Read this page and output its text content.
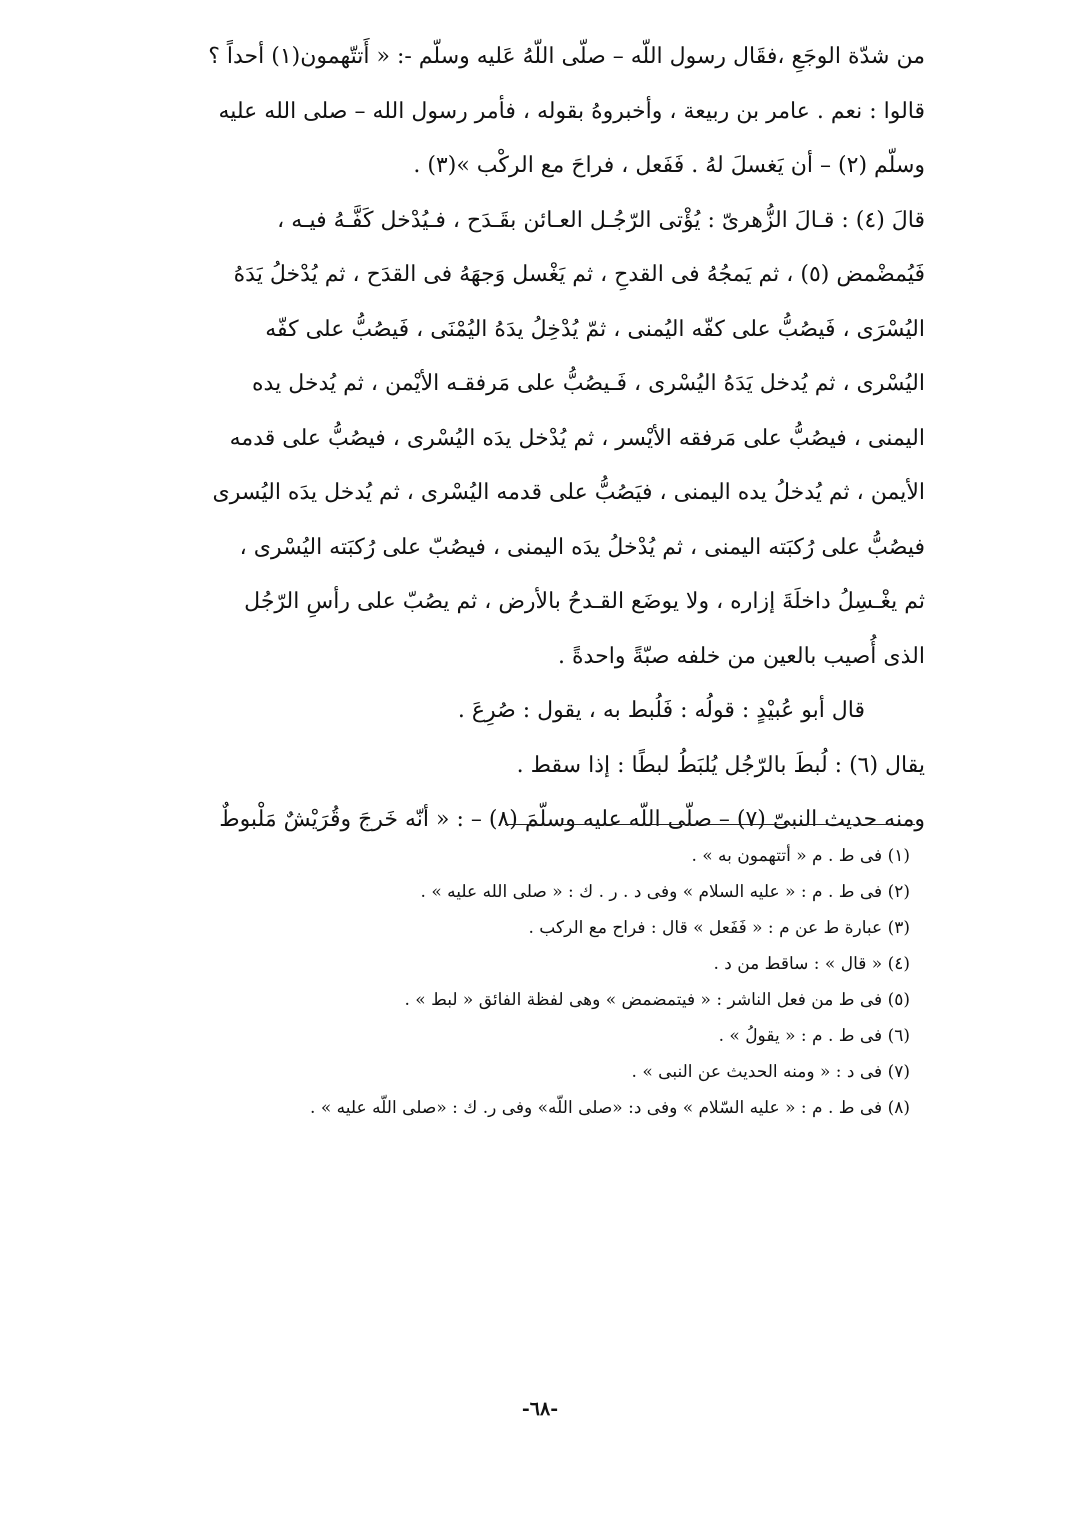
من شدّة الوجَعِ ،فقَال رسول اللّه – صلّى اللّهُ عَليه وسلّم -: « أَتتّهمون(١) أحداً ؟
قالوا : نعم . عامر بن ربيعة ، وأخبروهُ بقوله ، فأمر رسول الله – صلى الله عليه
وسلّم (٢) – أن يَغسلَ لهُ . فَفَعل ، فراحَ مع الركْب »(٣) .
قالَ (٤) : قـالَ الزُّهرىّ : يُؤْتى الرّجُـل العـائن بقَـدَح ، فـيُدْخل كَفَّـهُ فيـه ،
فَيُمضْمض (٥) ، ثم يَمجُهُ فى القدحِ ، ثم يَغْسل وَجهَهُ فى القدَح ، ثم يُدْخلُ يَدَهُ
اليُسْرَى ، فَيصُبُّ على كفّه اليُمنى ، ثمّ يُدْخِلُ يدَهُ اليُمْنَى ، فَيصُبُّ على كفّه
اليُسْرى ، ثم يُدخل يَدَهُ اليُسْرى ، فَـيصُبُّ على مَرفقـه الأيْمن ، ثم يُدخل يده
اليمنى ، فيصُبُّ على مَرفقه الأيْسر ، ثم يُدْخل يدَه اليُسْرى ، فيصُبُّ على قدمه
الأيمن ، ثم يُدخلُ يده اليمنى ، فيَصُبُّ على قدمه اليُسْرى ، ثم يُدخل يدَه اليُسرى
فيصُبُّ على رُكبَته اليمنى ، ثم يُدْخلُ يدَه اليمنى ، فيصُبّ على رُكبَته اليُسْرى ،
ثم يغْـسِلُ داخلَةَ إزاره ، ولا يوضَع القـدحُ بالأرض ، ثم يصُبّ على رأسِ الرّجُل
الذى أُصيب بالعين من خلفه صبّةً واحدةً .
قال أبو عُبيْدٍ : قولُه : فَلُبط به ، يقول : صُرِعَ .
يقال (٦) : لُبطَ بالرّجُل يُلبَطُ لبطًا : إذا سقط .
ومنه حديث النبىّ (٧) – صلّى اللّه عليه وسلّمَ (٨) – : « أنّه خَرجَ وقُرَيْشٌ مَلْبوطٌ
(١) فى ط . م « أتتهمون به » .
(٢) فى ط . م : « عليه السلام » وفى د . ر . ك : « صلى الله عليه » .
(٣) عبارة ط عن م : « فَفَعل » قال : فراح مع الركب .
(٤) « قال » : ساقط من د .
(٥) فى ط من فعل الناشر : « فيتمضمض » وهى لفظة الفائق « لبط » .
(٦) فى ط . م : « يقولُ » .
(٧) فى د : « ومنه الحديث عن النبى » .
(٨) فى ط . م : « عليه السّلام » وفى د: «صلى اللّه» وفى ر. ك : «صلى اللّه عليه » .
-٦٨-
